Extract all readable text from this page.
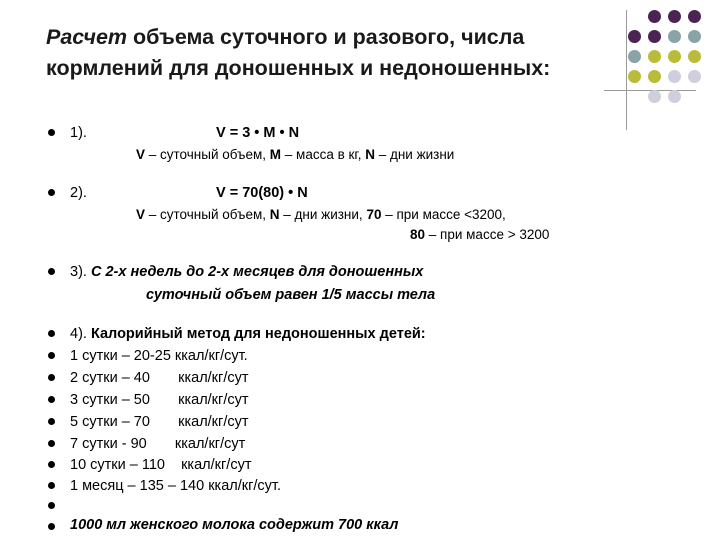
Расчет объема суточного и разового, числа
кормлений для доношенных и недоношенных:
1).	V = 3 • M • N
V – суточный объем, M – масса в кг, N – дни жизни
2).	V = 70(80) • N
V – суточный объем, N – дни жизни, 70 – при массе <3200,
80 – при массе > 3200
3). С 2-х недель до 2-х месяцев для доношенных
суточный объем равен 1/5 массы тела
4). Калорийный метод для недоношенных детей:
1 сутки – 20-25 ккал/кг/сут.
2 сутки – 40       ккал/кг/сут
3 сутки – 50       ккал/кг/сут
5 сутки – 70       ккал/кг/сут
7 сутки - 90       ккал/кг/сут
10 сутки – 110    ккал/кг/сут
1 месяц – 135 – 140 ккал/кг/сут.
1000 мл женского молока содержит 700 ккал
